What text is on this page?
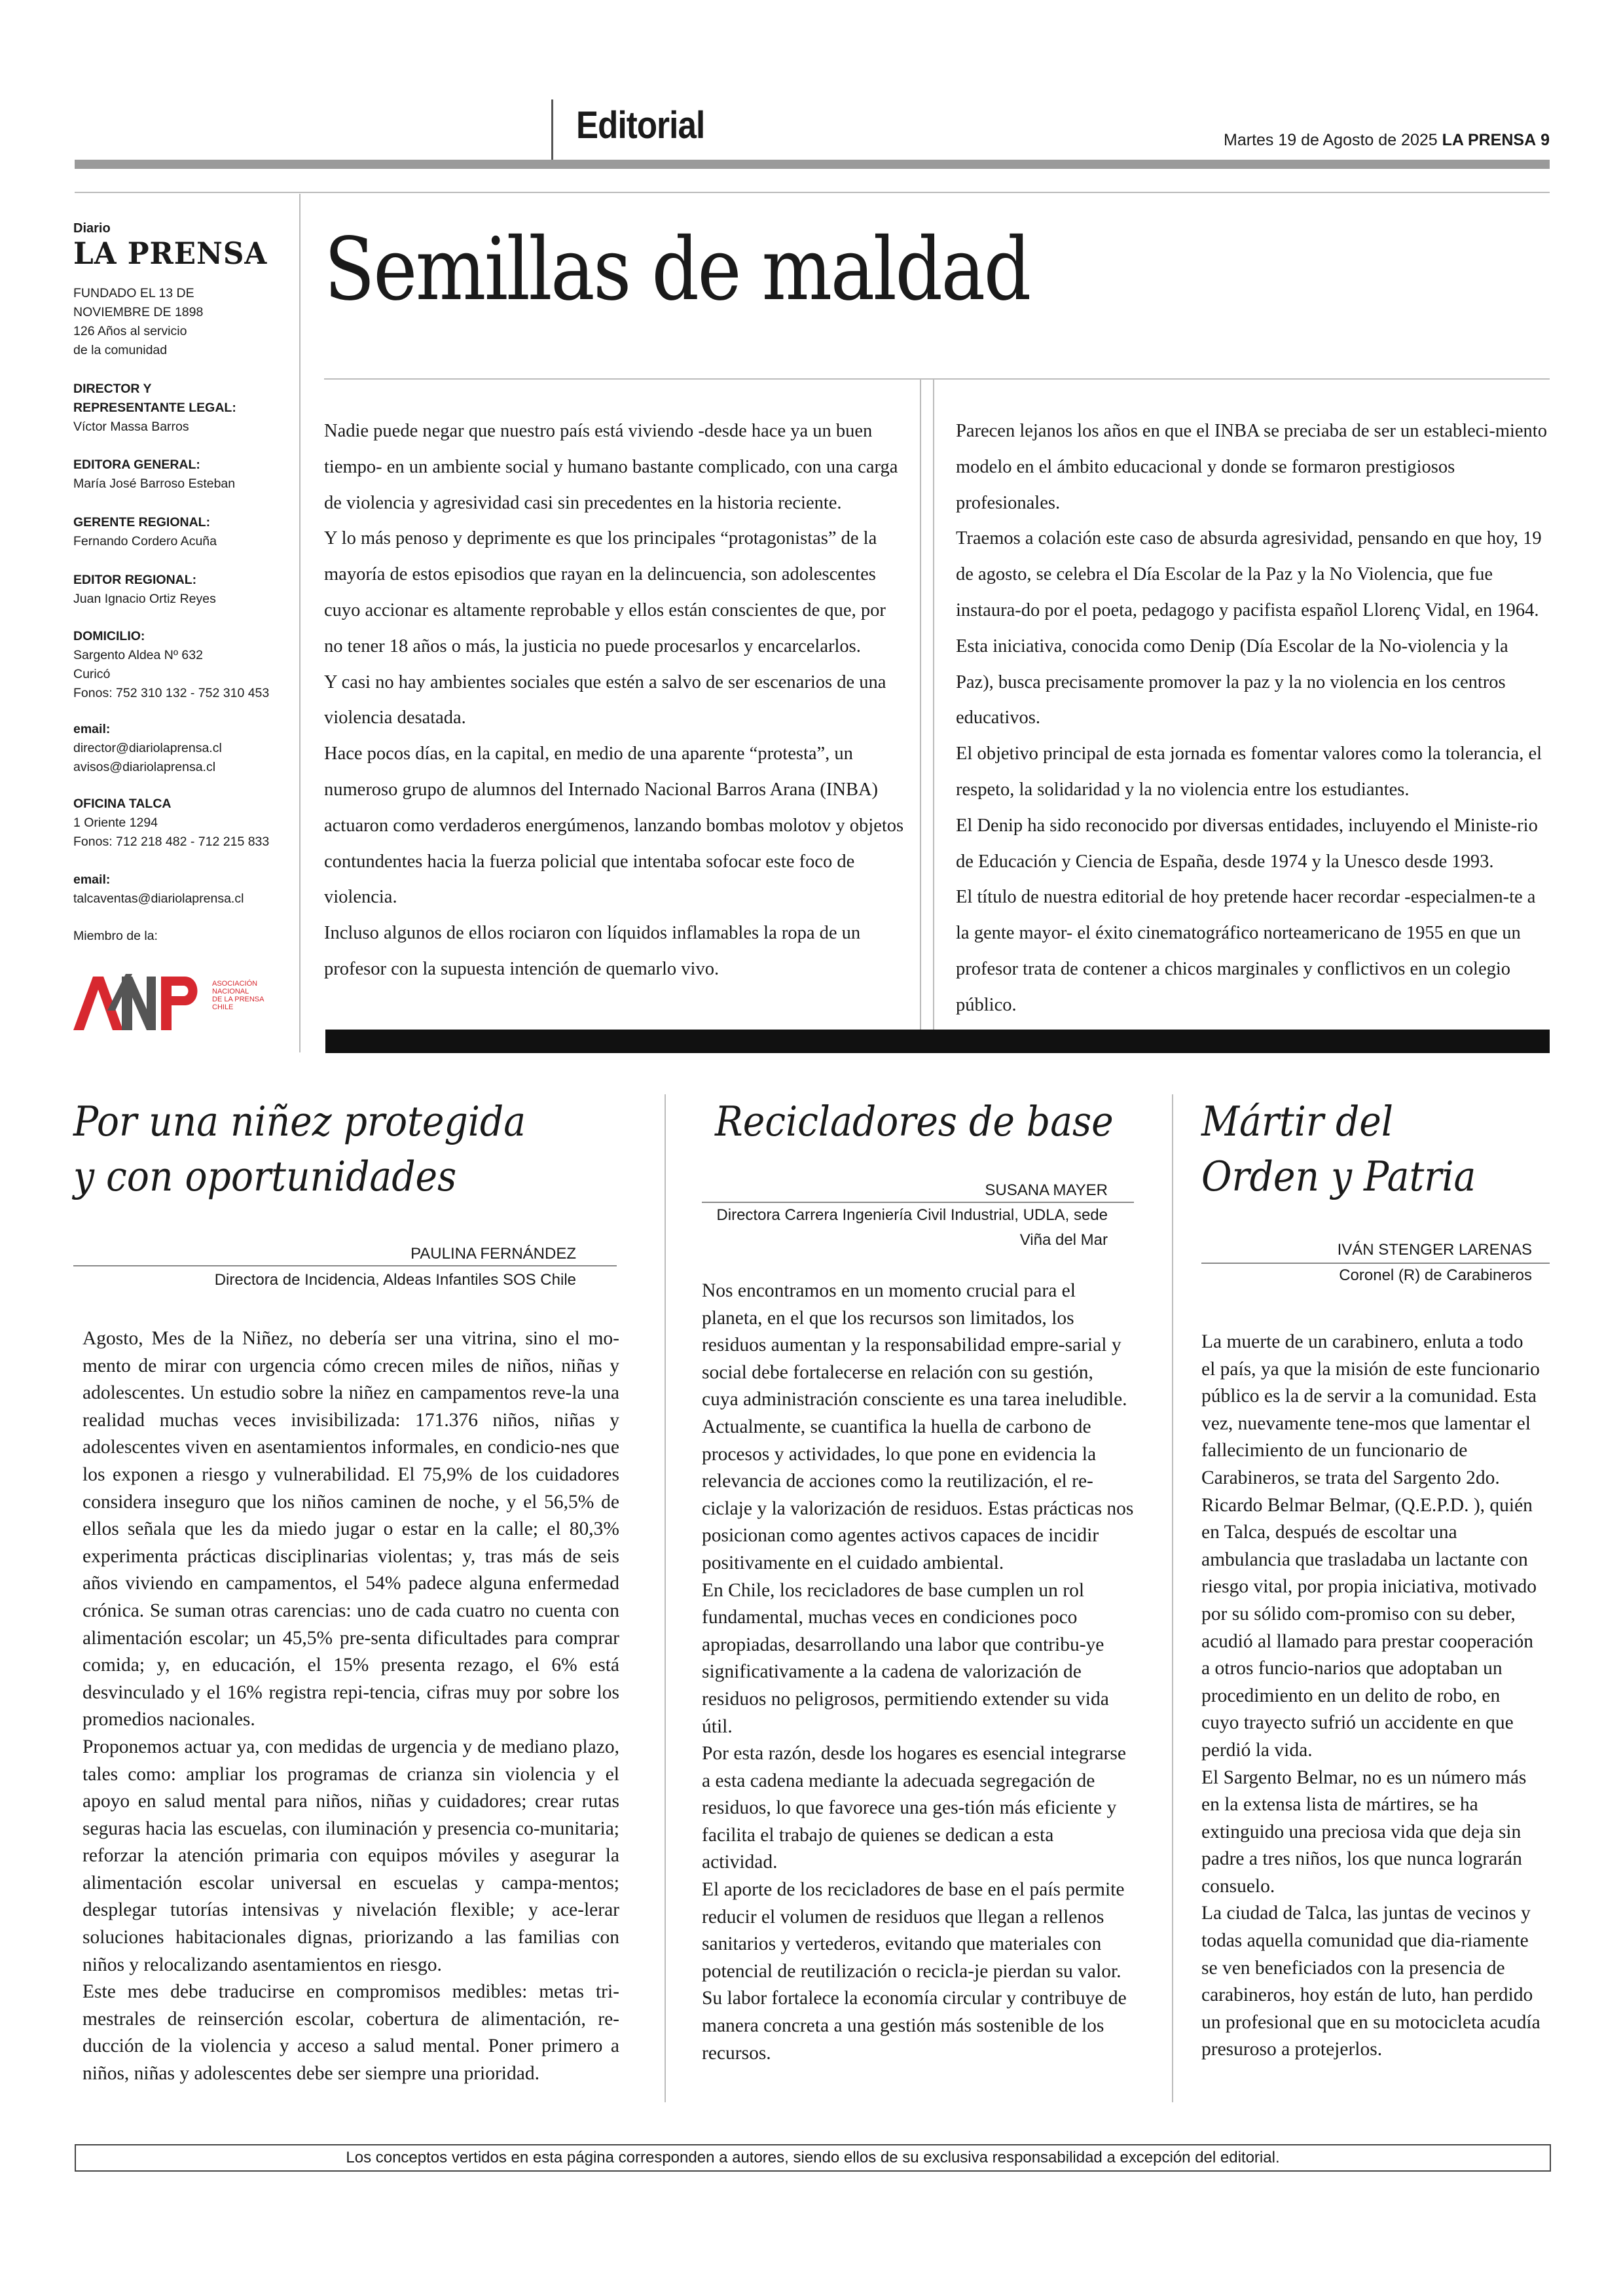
Editorial	Martes 19 de Agosto de 2025 LA PRENSA 9
Diario
LA PRENSA
FUNDADO EL 13 DE
NOVIEMBRE DE 1898
126 Años al servicio
de la comunidad
DIRECTOR Y
REPRESENTANTE LEGAL:
Víctor Massa Barros
EDITORA GENERAL:
María José Barroso Esteban
GERENTE REGIONAL:
Fernando Cordero Acuña
EDITOR REGIONAL:
Juan Ignacio Ortiz Reyes
DOMICILIO:
Sargento Aldea Nº 632
Curicó
Fonos: 752 310 132 - 752 310 453
email:
director@diariolaprensa.cl
avisos@diariolaprensa.cl
OFICINA TALCA
1 Oriente 1294
Fonos: 712 218 482 - 712 215 833
email:
talcaventas@diariolaprensa.cl
Miembro de la:
ASOCIACIÓN
NACIONAL
DE LA PRENSA
CHILE
Semillas de maldad

Nadie puede negar que nuestro país está viviendo -desde hace ya un buen tiempo- en un ambiente social y humano bastante complicado, con una carga de violencia y agresividad casi sin precedentes en la historia reciente.

Y lo más penoso y deprimente es que los principales “protagonistas” de la mayoría de estos episodios que rayan en la delincuencia, son adolescentes cuyo accionar es altamente reprobable y ellos están conscientes de que, por no tener 18 años o más, la justicia no puede procesarlos y encarcelarlos.

Y casi no hay ambientes sociales que estén a salvo de ser escenarios de una violencia desatada.

Hace pocos días, en la capital, en medio de una aparente “protesta”, un numeroso grupo de alumnos del Internado Nacional Barros Arana (INBA) actuaron como verdaderos energúmenos, lanzando bombas molotov y objetos contundentes hacia la fuerza policial que intentaba sofocar este foco de violencia.

Incluso algunos de ellos rociaron con líquidos inflamables la ropa de un profesor con la supuesta intención de quemarlo vivo.

Parecen lejanos los años en que el INBA se preciaba de ser un estableci-miento modelo en el ámbito educacional y donde se formaron prestigiosos profesionales.

Traemos a colación este caso de absurda agresividad, pensando en que hoy, 19 de agosto, se celebra el Día Escolar de la Paz y la No Violencia, que fue instaura-do por el poeta, pedagogo y pacifista español Llorenç Vidal, en 1964.

Esta iniciativa, conocida como Denip (Día Escolar de la No-violencia y la Paz), busca precisamente promover la paz y la no violencia en los centros educativos.

El objetivo principal de esta jornada es fomentar valores como la tolerancia, el respeto, la solidaridad y la no violencia entre los estudiantes.

El Denip ha sido reconocido por diversas entidades, incluyendo el Ministe-rio de Educación y Ciencia de España, desde 1974 y la Unesco desde 1993.

El título de nuestra editorial de hoy pretende hacer recordar -especialmen-te a la gente mayor- el éxito cinematográfico norteamericano de 1955 en que un profesor trata de contener a chicos marginales y conflictivos en un colegio público.

Por una niñez protegida
y con oportunidades
PAULINA FERNÁNDEZ
Directora de Incidencia, Aldeas Infantiles SOS Chile

Agosto, Mes de la Niñez, no debería ser una vitrina, sino el mo-mento de mirar con urgencia cómo crecen miles de niños, niñas y adolescentes. Un estudio sobre la niñez en campamentos reve-la una realidad muchas veces invisibilizada: 171.376 niños, niñas y adolescentes viven en asentamientos informales, en condicio-nes que los exponen a riesgo y vulnerabilidad. El 75,9% de los cuidadores considera inseguro que los niños caminen de noche, y el 56,5% de ellos señala que les da miedo jugar o estar en la calle; el 80,3% experimenta prácticas disciplinarias violentas; y, tras más de seis años viviendo en campamentos, el 54% padece alguna enfermedad crónica. Se suman otras carencias: uno de cada cuatro no cuenta con alimentación escolar; un 45,5% pre-senta dificultades para comprar comida; y, en educación, el 15% presenta rezago, el 6% está desvinculado y el 16% registra repi-tencia, cifras muy por sobre los promedios nacionales.

Proponemos actuar ya, con medidas de urgencia y de mediano plazo, tales como: ampliar los programas de crianza sin violencia y el apoyo en salud mental para niños, niñas y cuidadores; crear rutas seguras hacia las escuelas, con iluminación y presencia co-munitaria; reforzar la atención primaria con equipos móviles y asegurar la alimentación escolar universal en escuelas y campa-mentos; desplegar tutorías intensivas y nivelación flexible; y ace-lerar soluciones habitacionales dignas, priorizando a las familias con niños y relocalizando asentamientos en riesgo.

Este mes debe traducirse en compromisos medibles: metas tri-mestrales de reinserción escolar, cobertura de alimentación, re-ducción de la violencia y acceso a salud mental. Poner primero a niños, niñas y adolescentes debe ser siempre una prioridad.

Recicladores de base
SUSANA MAYER
Directora Carrera Ingeniería Civil Industrial, UDLA, sede
Viña del Mar

Nos encontramos en un momento crucial para el planeta, en el que los recursos son limitados, los residuos aumentan y la responsabilidad empre-sarial y social debe fortalecerse en relación con su gestión, cuya administración consciente es una tarea ineludible.

Actualmente, se cuantifica la huella de carbono de procesos y actividades, lo que pone en evidencia la relevancia de acciones como la reutilización, el re-ciclaje y la valorización de residuos. Estas prácticas nos posicionan como agentes activos capaces de incidir positivamente en el cuidado ambiental.

En Chile, los recicladores de base cumplen un rol fundamental, muchas veces en condiciones poco apropiadas, desarrollando una labor que contribu-ye significativamente a la cadena de valorización de residuos no peligrosos, permitiendo extender su vida útil.

Por esta razón, desde los hogares es esencial integrarse a esta cadena mediante la adecuada segregación de residuos, lo que favorece una ges-tión más eficiente y facilita el trabajo de quienes se dedican a esta actividad.

El aporte de los recicladores de base en el país permite reducir el volumen de residuos que llegan a rellenos sanitarios y vertederos, evitando que materiales con potencial de reutilización o recicla-je pierdan su valor. Su labor fortalece la economía circular y contribuye de manera concreta a una gestión más sostenible de los recursos.

Mártir del
Orden y Patria
IVÁN STENGER LARENAS
Coronel (R) de Carabineros

La muerte de un carabinero, enluta a todo el país, ya que la misión de este funcionario público es la de servir a la comunidad. Esta vez, nuevamente tene-mos que lamentar el fallecimiento de un funcionario de Carabineros, se trata del Sargento 2do. Ricardo Belmar Belmar, (Q.E.P.D. ), quién en Talca, después de escoltar una ambulancia que trasladaba un lactante con riesgo vital, por propia iniciativa, motivado por su sólido com-promiso con su deber, acudió al llamado para prestar cooperación a otros funcio-narios que adoptaban un procedimiento en un delito de robo, en cuyo trayecto sufrió un accidente en que perdió la vida.

El Sargento Belmar, no es un número más en la extensa lista de mártires, se ha extinguido una preciosa vida que deja sin padre a tres niños, los que nunca lograrán consuelo.

La ciudad de Talca, las juntas de vecinos y todas aquella comunidad que dia-riamente se ven beneficiados con la presencia de carabineros, hoy están de luto, han perdido un profesional que en su motocicleta acudía presuroso a protejerlos.

Los conceptos vertidos en esta página corresponden a autores, siendo ellos de su exclusiva responsabilidad a excepción del editorial.
